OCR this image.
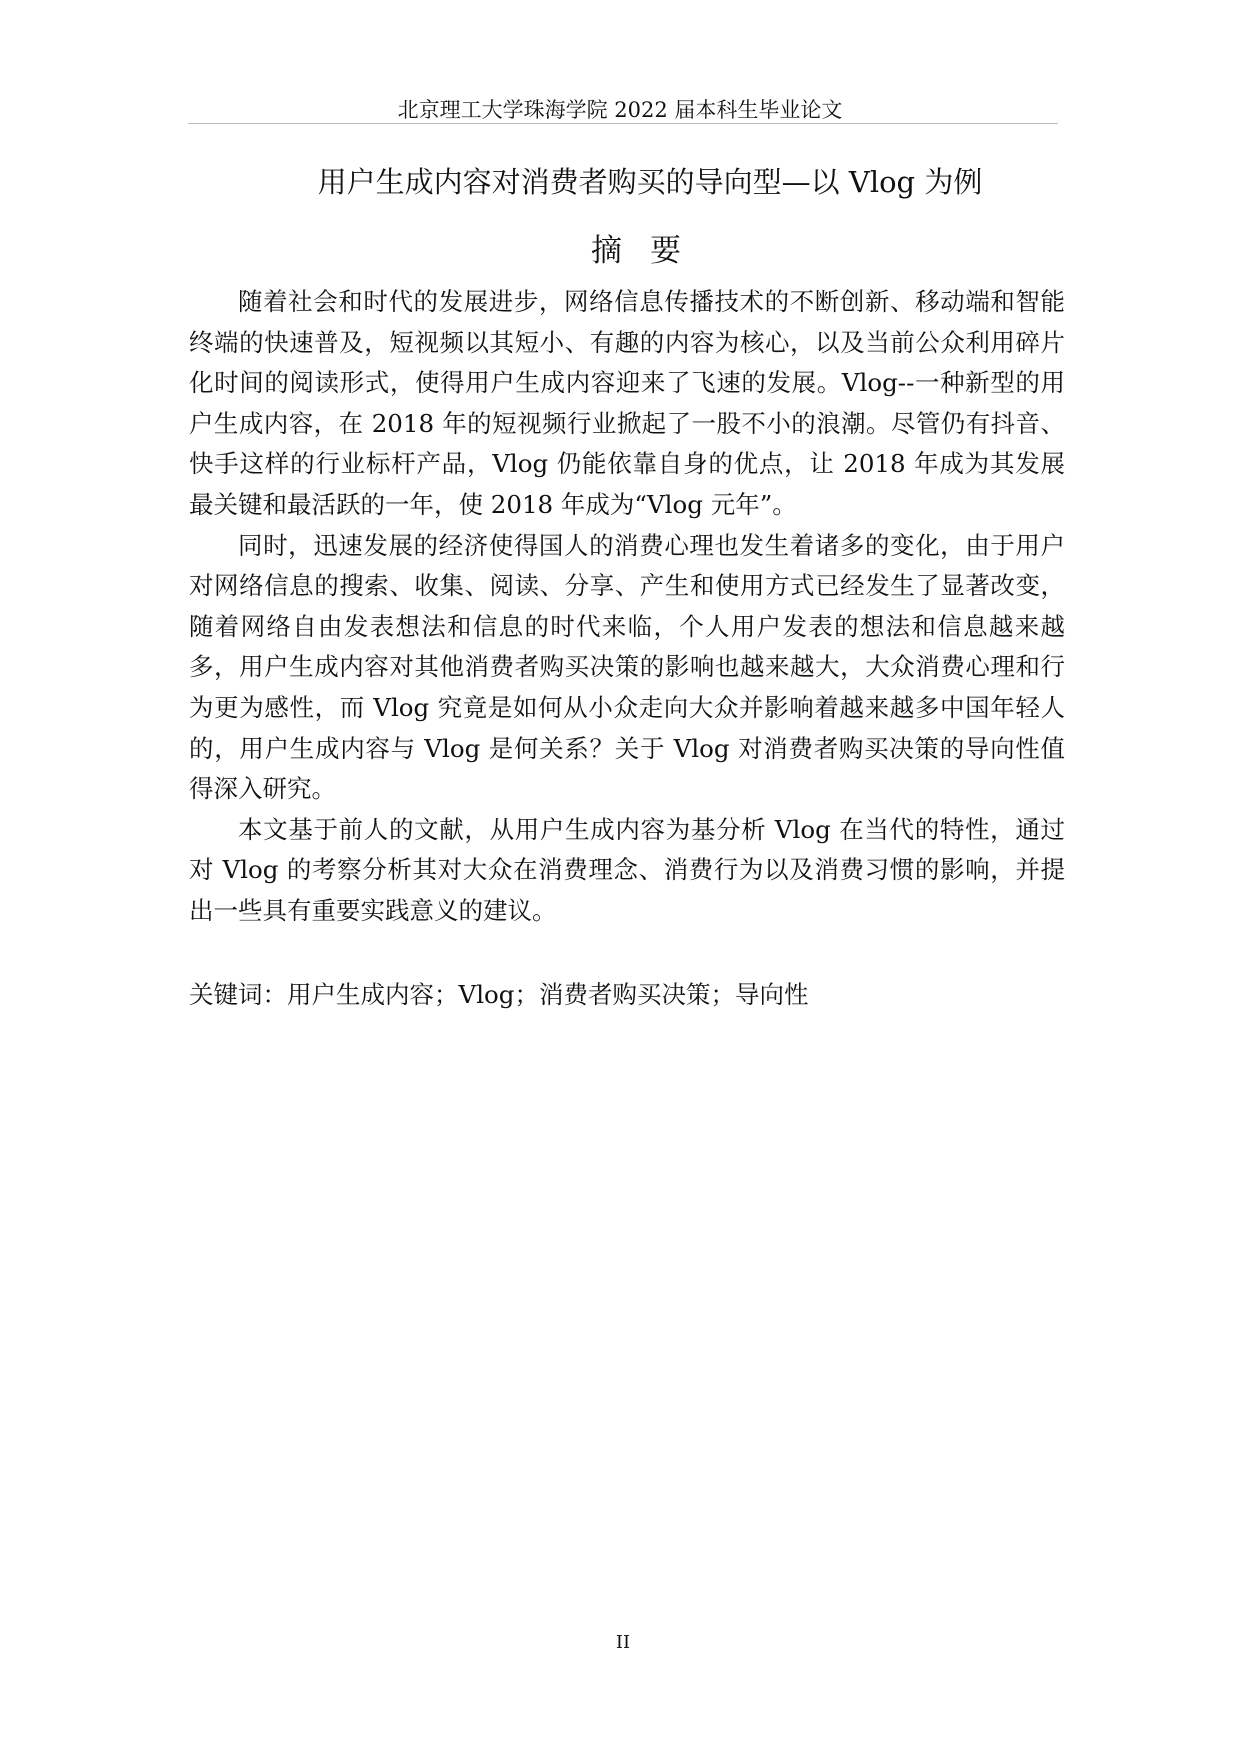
北京理工大学珠海学院 2022 届本科生毕业论文
用户生成内容对消费者购买的导向型—以 Vlog 为例
摘要

随着社会和时代的发展进步，网络信息传播技术的不断创新、移动端和智能终端的快速普及，短视频以其短小、有趣的内容为核心，以及当前公众利用碎片化时间的阅读形式，使得用户生成内容迎来了飞速的发展。Vlog--一种新型的用户生成内容，在 2018 年的短视频行业掀起了一股不小的浪潮。尽管仍有抖音、快手这样的行业标杆产品，Vlog 仍能依靠自身的优点，让 2018 年成为其发展最关键和最活跃的一年，使 2018 年成为“Vlog 元年”。

同时，迅速发展的经济使得国人的消费心理也发生着诸多的变化，由于用户对网络信息的搜索、收集、阅读、分享、产生和使用方式已经发生了显著改变，随着网络自由发表想法和信息的时代来临，个人用户发表的想法和信息越来越多，用户生成内容对其他消费者购买决策的影响也越来越大，大众消费心理和行为更为感性，而 Vlog 究竟是如何从小众走向大众并影响着越来越多中国年轻人的，用户生成内容与 Vlog 是何关系？关于 Vlog 对消费者购买决策的导向性值得深入研究。

本文基于前人的文献，从用户生成内容为基分析 Vlog 在当代的特性，通过对 Vlog 的考察分析其对大众在消费理念、消费行为以及消费习惯的影响，并提出一些具有重要实践意义的建议。

关键词：用户生成内容；Vlog；消费者购买决策；导向性
II
